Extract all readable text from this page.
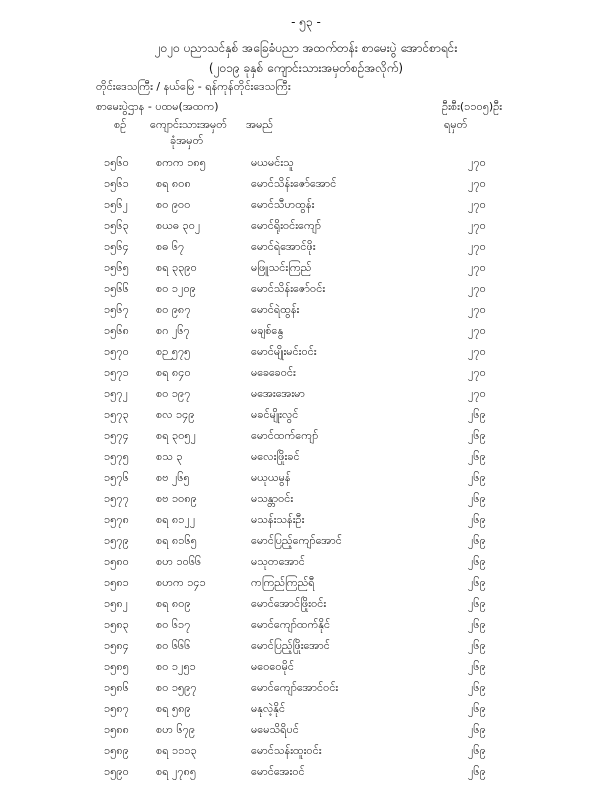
- ၅၃ -
၂၀၂၀ ပညာသင်နှစ် အခြေခံပညာ အထက်တန်း စာမေးပွဲ အောင်စာရင်း
(၂၀၁၉ ခုနှစ် ကျောင်းသားအမှတ်စဉ်အလိုက်)
တိုင်းဒေသကြီး / နယ်မြေ - ရန်ကုန်တိုင်းဒေသကြီး
စာမေးပွဲဌာန - ပထမ(အထက)	ဦးစီး(၁၁၀၅)ဦး
စဉ် ကျောင်းသားအမှတ်
ခုံအမှတ်
အမည်	ရမှတ်
၁၅၆၀ စကက ၁၈၅	မယမင်းသူ	၂၇၀
၁၅၆၁ စရ ၈၀၈	မောင်သိန်းဇော်အောင်	၂၇၀
၁၅၆၂	စဝ ၉၀၀	မောင်သီဟထွန်း	၂၇၀
၁၅၆၃ စယဓ ၃၀၂	မောင်ရိုးဝင်းကျော်	၂၇၀
၁၅၆၄ စဓ ၆၇	မောင်ရဲအောင်ဖိုး	၂၇၀
၁၅၆၅ စရ ၃၃၉၀	မဖြူသင်းကြည်	၂၇၀
၁၅၆၆ စဝ ၁၂၀၉	မောင်သိန်းဇော်ဝင်း	၂၇၀
၁၅၆၇ စဝ ၉၈၇	မောင်ရဲထွန်း	၂၇၀
၁၅၆၈ စဂ ၂၆၇	မချစ်နွေ	၂၇၀
၁၅၇၀ စဉ ၅၇၅	မောင်မျိုးမင်းဝင်း	၂၇၀
၁၅၇၁ စရ ၈၄၀	မခေခေဝင်း	၂၇၀
၁၅၇၂	စဝ ၁၉၇	မအေးအေးမာ	၂၇၀
၁၅၇၃ စလ ၁၄၉	မခင်မျိုးလွင်	၂၆၉
၁၅၇၄ စရ ၃၀၅၂	မောင်ထက်ကျော်	၂၆၉
၁၅၇၅ စသ ၃	မလေးဖြိုးခင်	၂၆၉
၁၅၇၆ စဗ ၂၆၅	မယုယမွန်	၂၆၉
၁၅၇၇ စဗ ၁၀၈၉	မသန္တာဝင်း	၂၆၉
၁၅၇၈ စရ ၈၁၂၂	မသန်းသန်းဦး	၂၆၉
၁၅၇၉ စရ ၈၁၆၅	မောင်ပြည့်ကျော်အောင်	၂၆၉
၁၅၈၀ စဟ ၁၀၆၆	မသုတအောင်	၂၆၉
၁၅၈၁ စဟက ၁၄၁	ကကြည်ကြည်ရီ	၂၆၉
၁၅၈၂	စရ ၈၀၉	မောင်အောင်ဖြိုးဝင်း	၂၆၉
၁၅၈၃ စဝ ၆၁၇	မောင်ကျော်ထက်နိုင်	၂၆၉
၁၅၈၄ စဝ ၆၆၆	မောင်ပြည့်ဖြိုးအောင်	၂၆၉
၁၅၈၅ စဝ ၁၂၅၁	မဝေဝေမိုင်	၂၆၉
၁၅၈၆ စဝ ၁၅၉၇	မောင်ကျော်အောင်ဝင်း	၂၆၉
၁၅၈၇ စရ ၅၈၉	မနုလဲ့နိုင်	၂၆၉
၁၅၈၈ စဟ ၆၇၉	မမေသိရိပင်	၂၆၉
၁၅၈၉ စရ ၁၁၁၃	မောင်သန်းထူးဝင်း	၂၆၉
၁၅၉၀ စရ ၂၇၈၅	မောင်အေးဝင်	၂၆၉
